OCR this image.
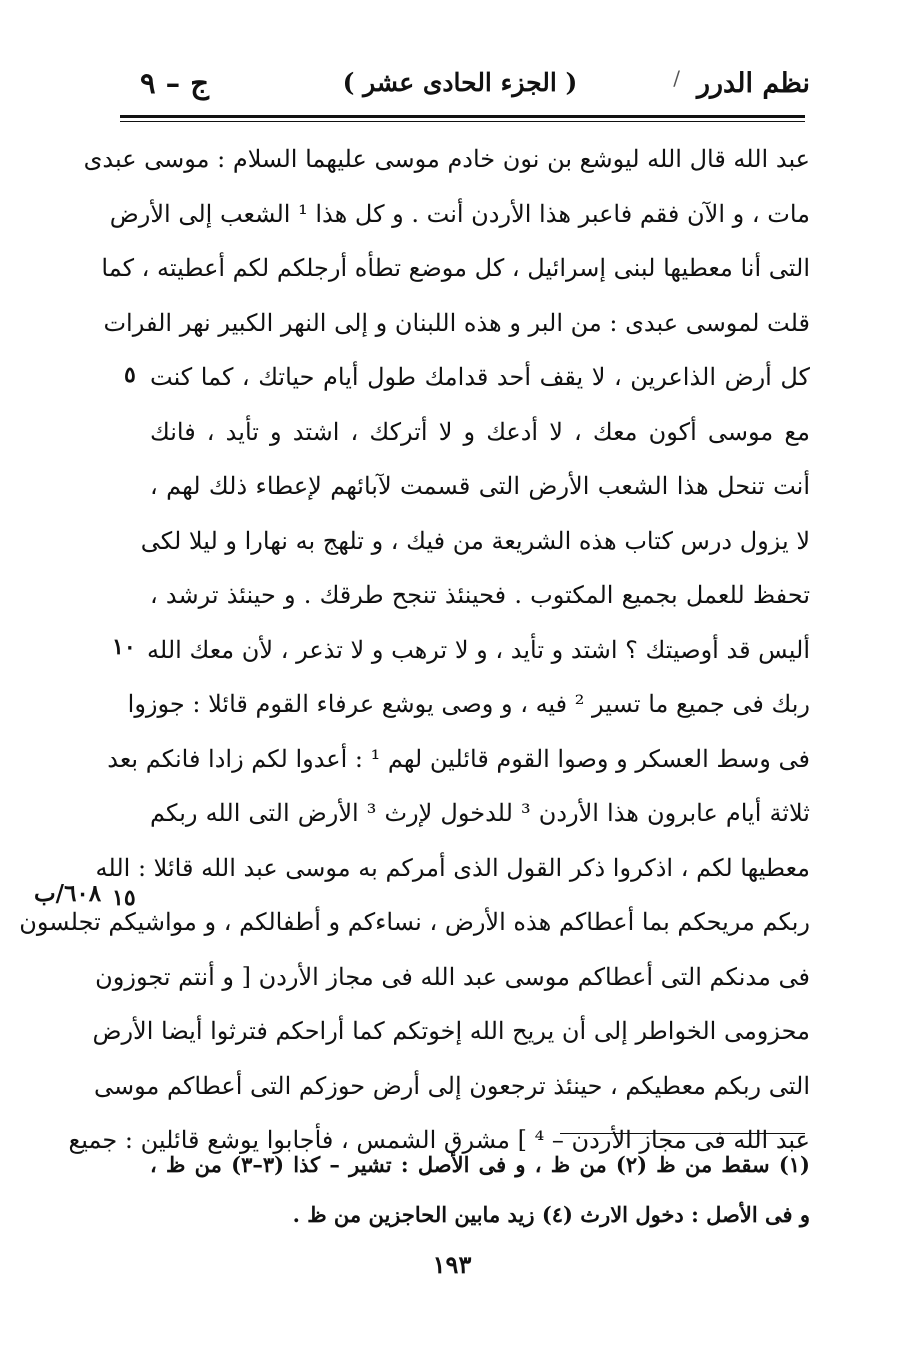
نظم الدرر
/
( الجزء الحادى عشر )
ج – ٩
عبد الله قال الله ليوشع بن نون خادم موسى عليهما السلام : موسى عبدى
مات ، و الآن فقم فاعبر هذا الأردن أنت . و كل هذا ¹ الشعب إلى الأرض
التى أنا معطيها لبنى إسرائيل ، كل موضع تطأه أرجلكم لكم أعطيته ، كما
قلت لموسى عبدى : من البر و هذه اللبنان و إلى النهر الكبير نهر الفرات
كل أرض الذاعرين ، لا يقف أحد قدامك طول أيام حياتك ، كما كنت
مع موسى أكون معك ، لا أدعك و لا أتركك ، اشتد و تأيد ، فانك
أنت تنحل هذا الشعب الأرض التى قسمت لآبائهم لإعطاء ذلك لهم ،
لا يزول درس كتاب هذه الشريعة من فيك ، و تلهج به نهارا و ليلا لكى
تحفظ للعمل بجميع المكتوب . فحينئذ تنجح طرقك . و حينئذ ترشد ،
أليس قد أوصيتك ؟ اشتد و تأيد ، و لا ترهب و لا تذعر ، لأن معك الله
ربك فى جميع ما تسير ² فيه ، و وصى يوشع عرفاء القوم قائلا : جوزوا
فى وسط العسكر و وصوا القوم قائلين لهم ¹ : أعدوا لكم زادا فانكم بعد
ثلاثة أيام عابرون هذا الأردن ³ للدخول لإرث ³ الأرض التى الله ربكم
معطيها لكم ، اذكروا ذكر القول الذى أمركم به موسى عبد الله قائلا : الله
ربكم مريحكم بما أعطاكم هذه الأرض ، نساءكم و أطفالكم ، و مواشيكم تجلسون
فى مدنكم التى أعطاكم موسى عبد الله فى مجاز الأردن [ و أنتم تجوزون
محزومى الخواطر إلى أن يريح الله إخوتكم كما أراحكم فترثوا أيضا الأرض
التى ربكم معطيكم ، حينئذ ترجعون إلى أرض حوزكم التى أعطاكم موسى
عبد الله فى مجاز الأردن – ⁴ ] مشرق الشمس ، فأجابوا يوشع قائلين : جميع
٥
١٠
١٥
٦٠٨/ب
(١) سقط من ظ (٢) من ظ ، و فى الأصل : تشير – كذا (٣–٣) من ظ ،
و فى الأصل : دخول الارث (٤) زيد مابين الحاجزين من ظ .
١٩٣
